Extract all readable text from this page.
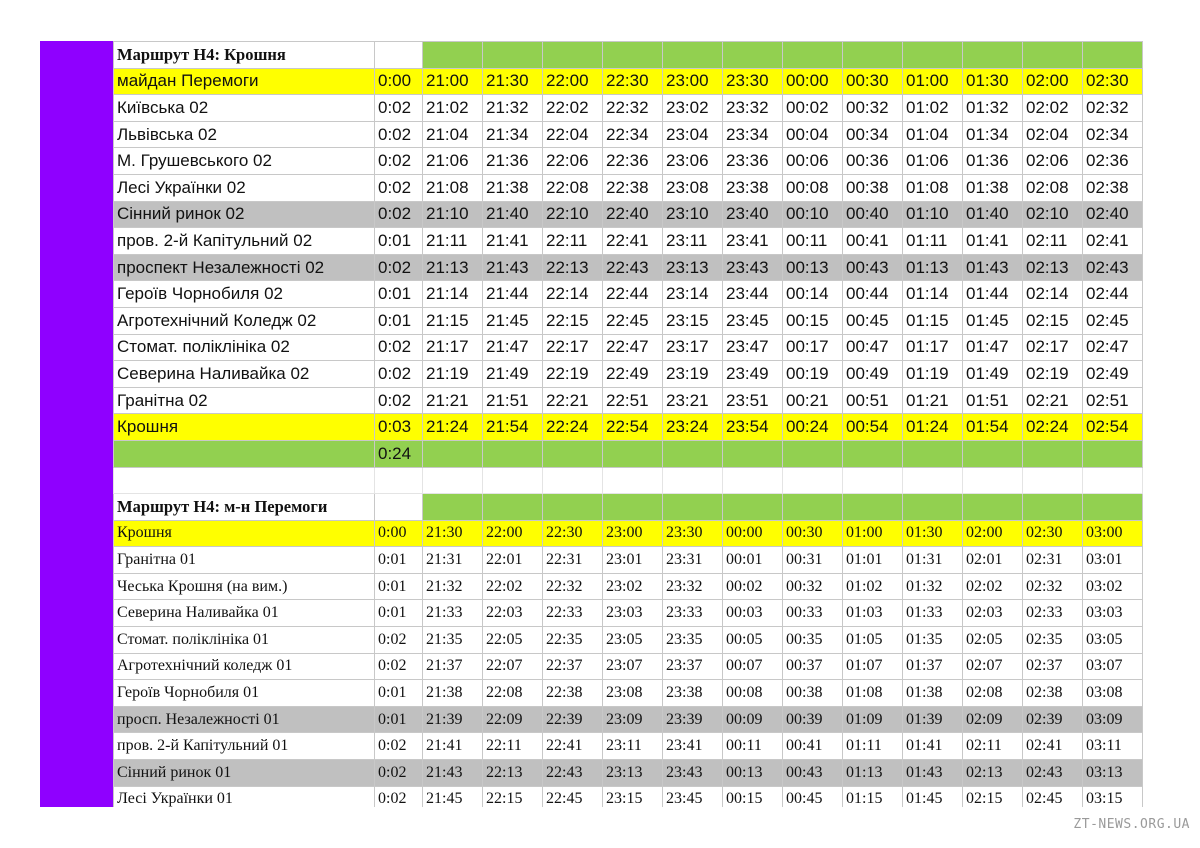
Маршрут Н4: Крошня													
майдан Перемоги	0:00	21:00	21:30	22:00	22:30	23:00	23:30	00:00	00:30	01:00	01:30	02:00	02:30
Київська 02	0:02	21:02	21:32	22:02	22:32	23:02	23:32	00:02	00:32	01:02	01:32	02:02	02:32
Львівська 02	0:02	21:04	21:34	22:04	22:34	23:04	23:34	00:04	00:34	01:04	01:34	02:04	02:34
М. Грушевського 02	0:02	21:06	21:36	22:06	22:36	23:06	23:36	00:06	00:36	01:06	01:36	02:06	02:36
Лесі Українки 02	0:02	21:08	21:38	22:08	22:38	23:08	23:38	00:08	00:38	01:08	01:38	02:08	02:38
Сінний ринок 02	0:02	21:10	21:40	22:10	22:40	23:10	23:40	00:10	00:40	01:10	01:40	02:10	02:40
пров. 2-й Капітульний 02	0:01	21:11	21:41	22:11	22:41	23:11	23:41	00:11	00:41	01:11	01:41	02:11	02:41
проспект Незалежності 02	0:02	21:13	21:43	22:13	22:43	23:13	23:43	00:13	00:43	01:13	01:43	02:13	02:43
Героїв Чорнобиля 02	0:01	21:14	21:44	22:14	22:44	23:14	23:44	00:14	00:44	01:14	01:44	02:14	02:44
Агротехнічний Коледж 02	0:01	21:15	21:45	22:15	22:45	23:15	23:45	00:15	00:45	01:15	01:45	02:15	02:45
Стомат. поліклініка 02	0:02	21:17	21:47	22:17	22:47	23:17	23:47	00:17	00:47	01:17	01:47	02:17	02:47
Северина Наливайка 02	0:02	21:19	21:49	22:19	22:49	23:19	23:49	00:19	00:49	01:19	01:49	02:19	02:49
Гранітна 02	0:02	21:21	21:51	22:21	22:51	23:21	23:51	00:21	00:51	01:21	01:51	02:21	02:51
Крошня	0:03	21:24	21:54	22:24	22:54	23:24	23:54	00:24	00:54	01:24	01:54	02:24	02:54
	0:24												

Маршрут Н4: м-н Перемоги													
Крошня	0:00	21:30	22:00	22:30	23:00	23:30	00:00	00:30	01:00	01:30	02:00	02:30	03:00
Гранітна 01	0:01	21:31	22:01	22:31	23:01	23:31	00:01	00:31	01:01	01:31	02:01	02:31	03:01
Чеська Крошня (на вим.)	0:01	21:32	22:02	22:32	23:02	23:32	00:02	00:32	01:02	01:32	02:02	02:32	03:02
Северина Наливайка 01	0:01	21:33	22:03	22:33	23:03	23:33	00:03	00:33	01:03	01:33	02:03	02:33	03:03
Стомат. поліклініка 01	0:02	21:35	22:05	22:35	23:05	23:35	00:05	00:35	01:05	01:35	02:05	02:35	03:05
Агротехнічний коледж 01	0:02	21:37	22:07	22:37	23:07	23:37	00:07	00:37	01:07	01:37	02:07	02:37	03:07
Героїв Чорнобиля 01	0:01	21:38	22:08	22:38	23:08	23:38	00:08	00:38	01:08	01:38	02:08	02:38	03:08
просп. Незалежності 01	0:01	21:39	22:09	22:39	23:09	23:39	00:09	00:39	01:09	01:39	02:09	02:39	03:09
пров. 2-й Капітульний 01	0:02	21:41	22:11	22:41	23:11	23:41	00:11	00:41	01:11	01:41	02:11	02:41	03:11
Сінний ринок 01	0:02	21:43	22:13	22:43	23:13	23:43	00:13	00:43	01:13	01:43	02:13	02:43	03:13
Лесі Українки 01	0:02	21:45	22:15	22:45	23:15	23:45	00:15	00:45	01:15	01:45	02:15	02:45	03:15
ZT-NEWS.ORG.UA
